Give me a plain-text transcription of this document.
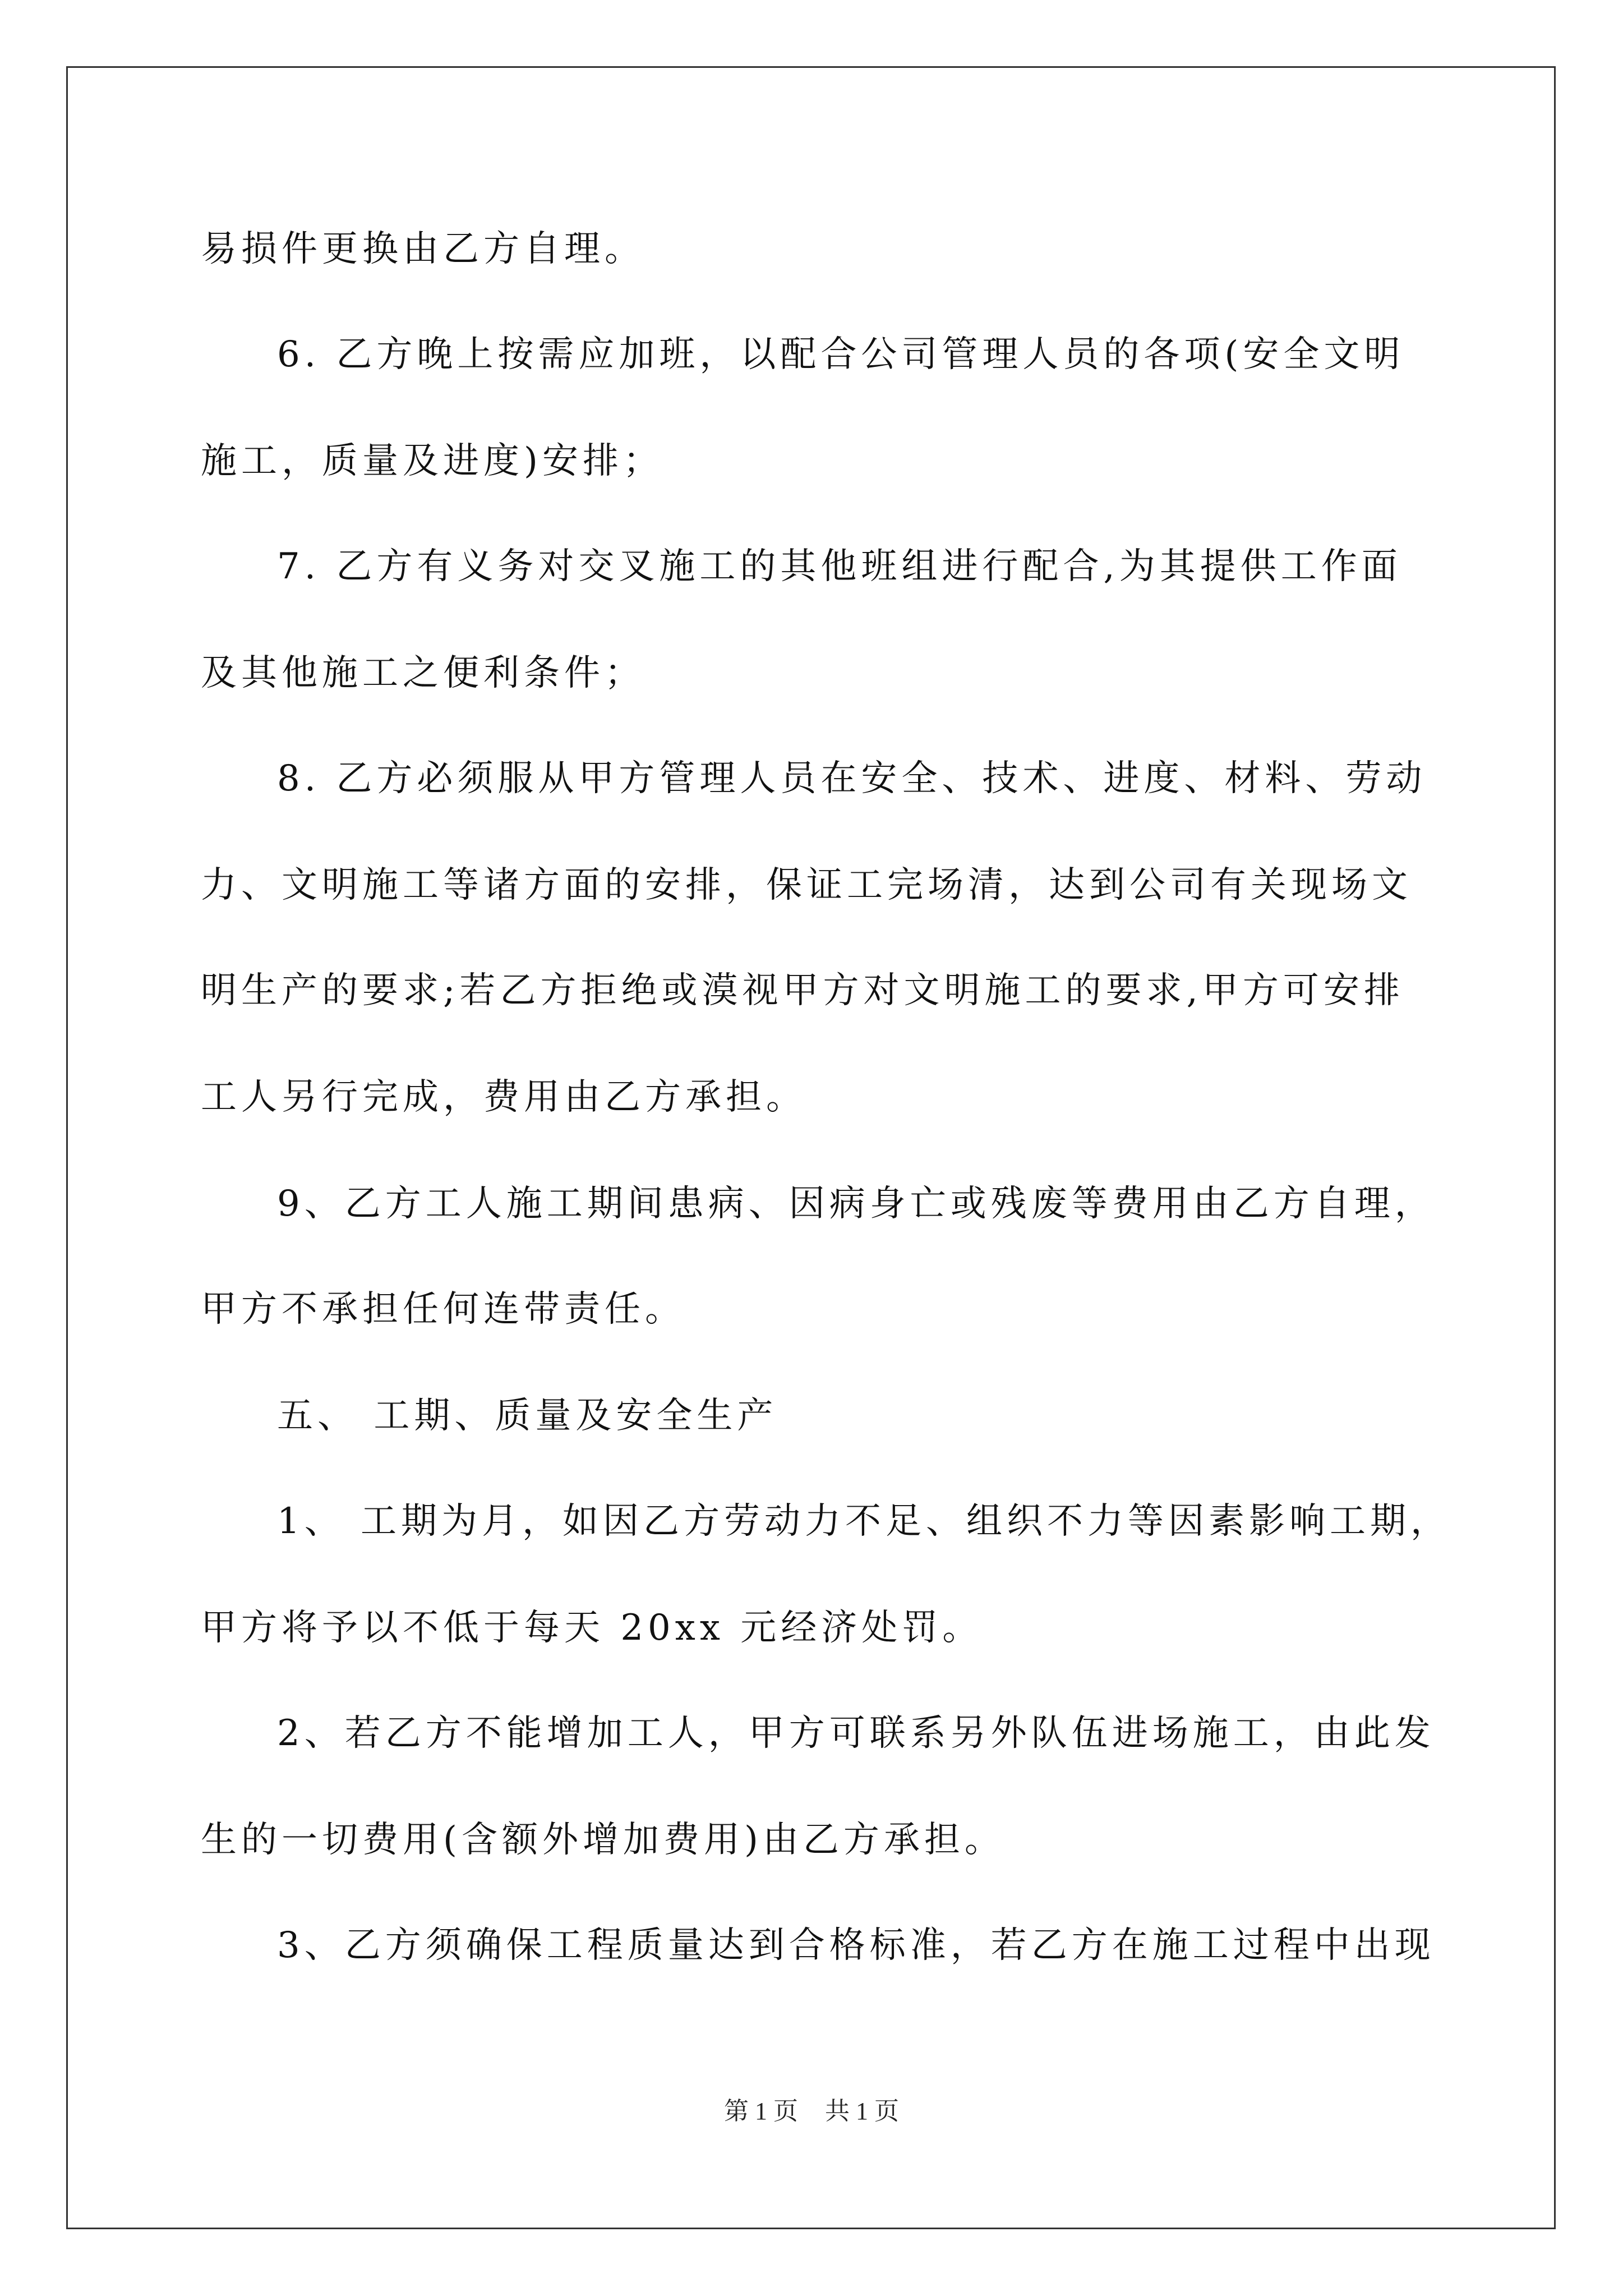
易损件更换由乙方自理。
6. 乙方晚上按需应加班，以配合公司管理人员的各项(安全文明
施工，质量及进度)安排；
7. 乙方有义务对交叉施工的其他班组进行配合,为其提供工作面
及其他施工之便利条件；
8. 乙方必须服从甲方管理人员在安全、技术、进度、材料、劳动
力、文明施工等诸方面的安排，保证工完场清，达到公司有关现场文
明生产的要求;若乙方拒绝或漠视甲方对文明施工的要求,甲方可安排
工人另行完成，费用由乙方承担。
9、乙方工人施工期间患病、因病身亡或残废等费用由乙方自理，
甲方不承担任何连带责任。
五、 工期、质量及安全生产
1、 工期为月，如因乙方劳动力不足、组织不力等因素影响工期，
甲方将予以不低于每天 20xx 元经济处罚。
2、若乙方不能增加工人，甲方可联系另外队伍进场施工，由此发
生的一切费用(含额外增加费用)由乙方承担。
3、乙方须确保工程质量达到合格标准，若乙方在施工过程中出现
第 1 页 共 1 页
